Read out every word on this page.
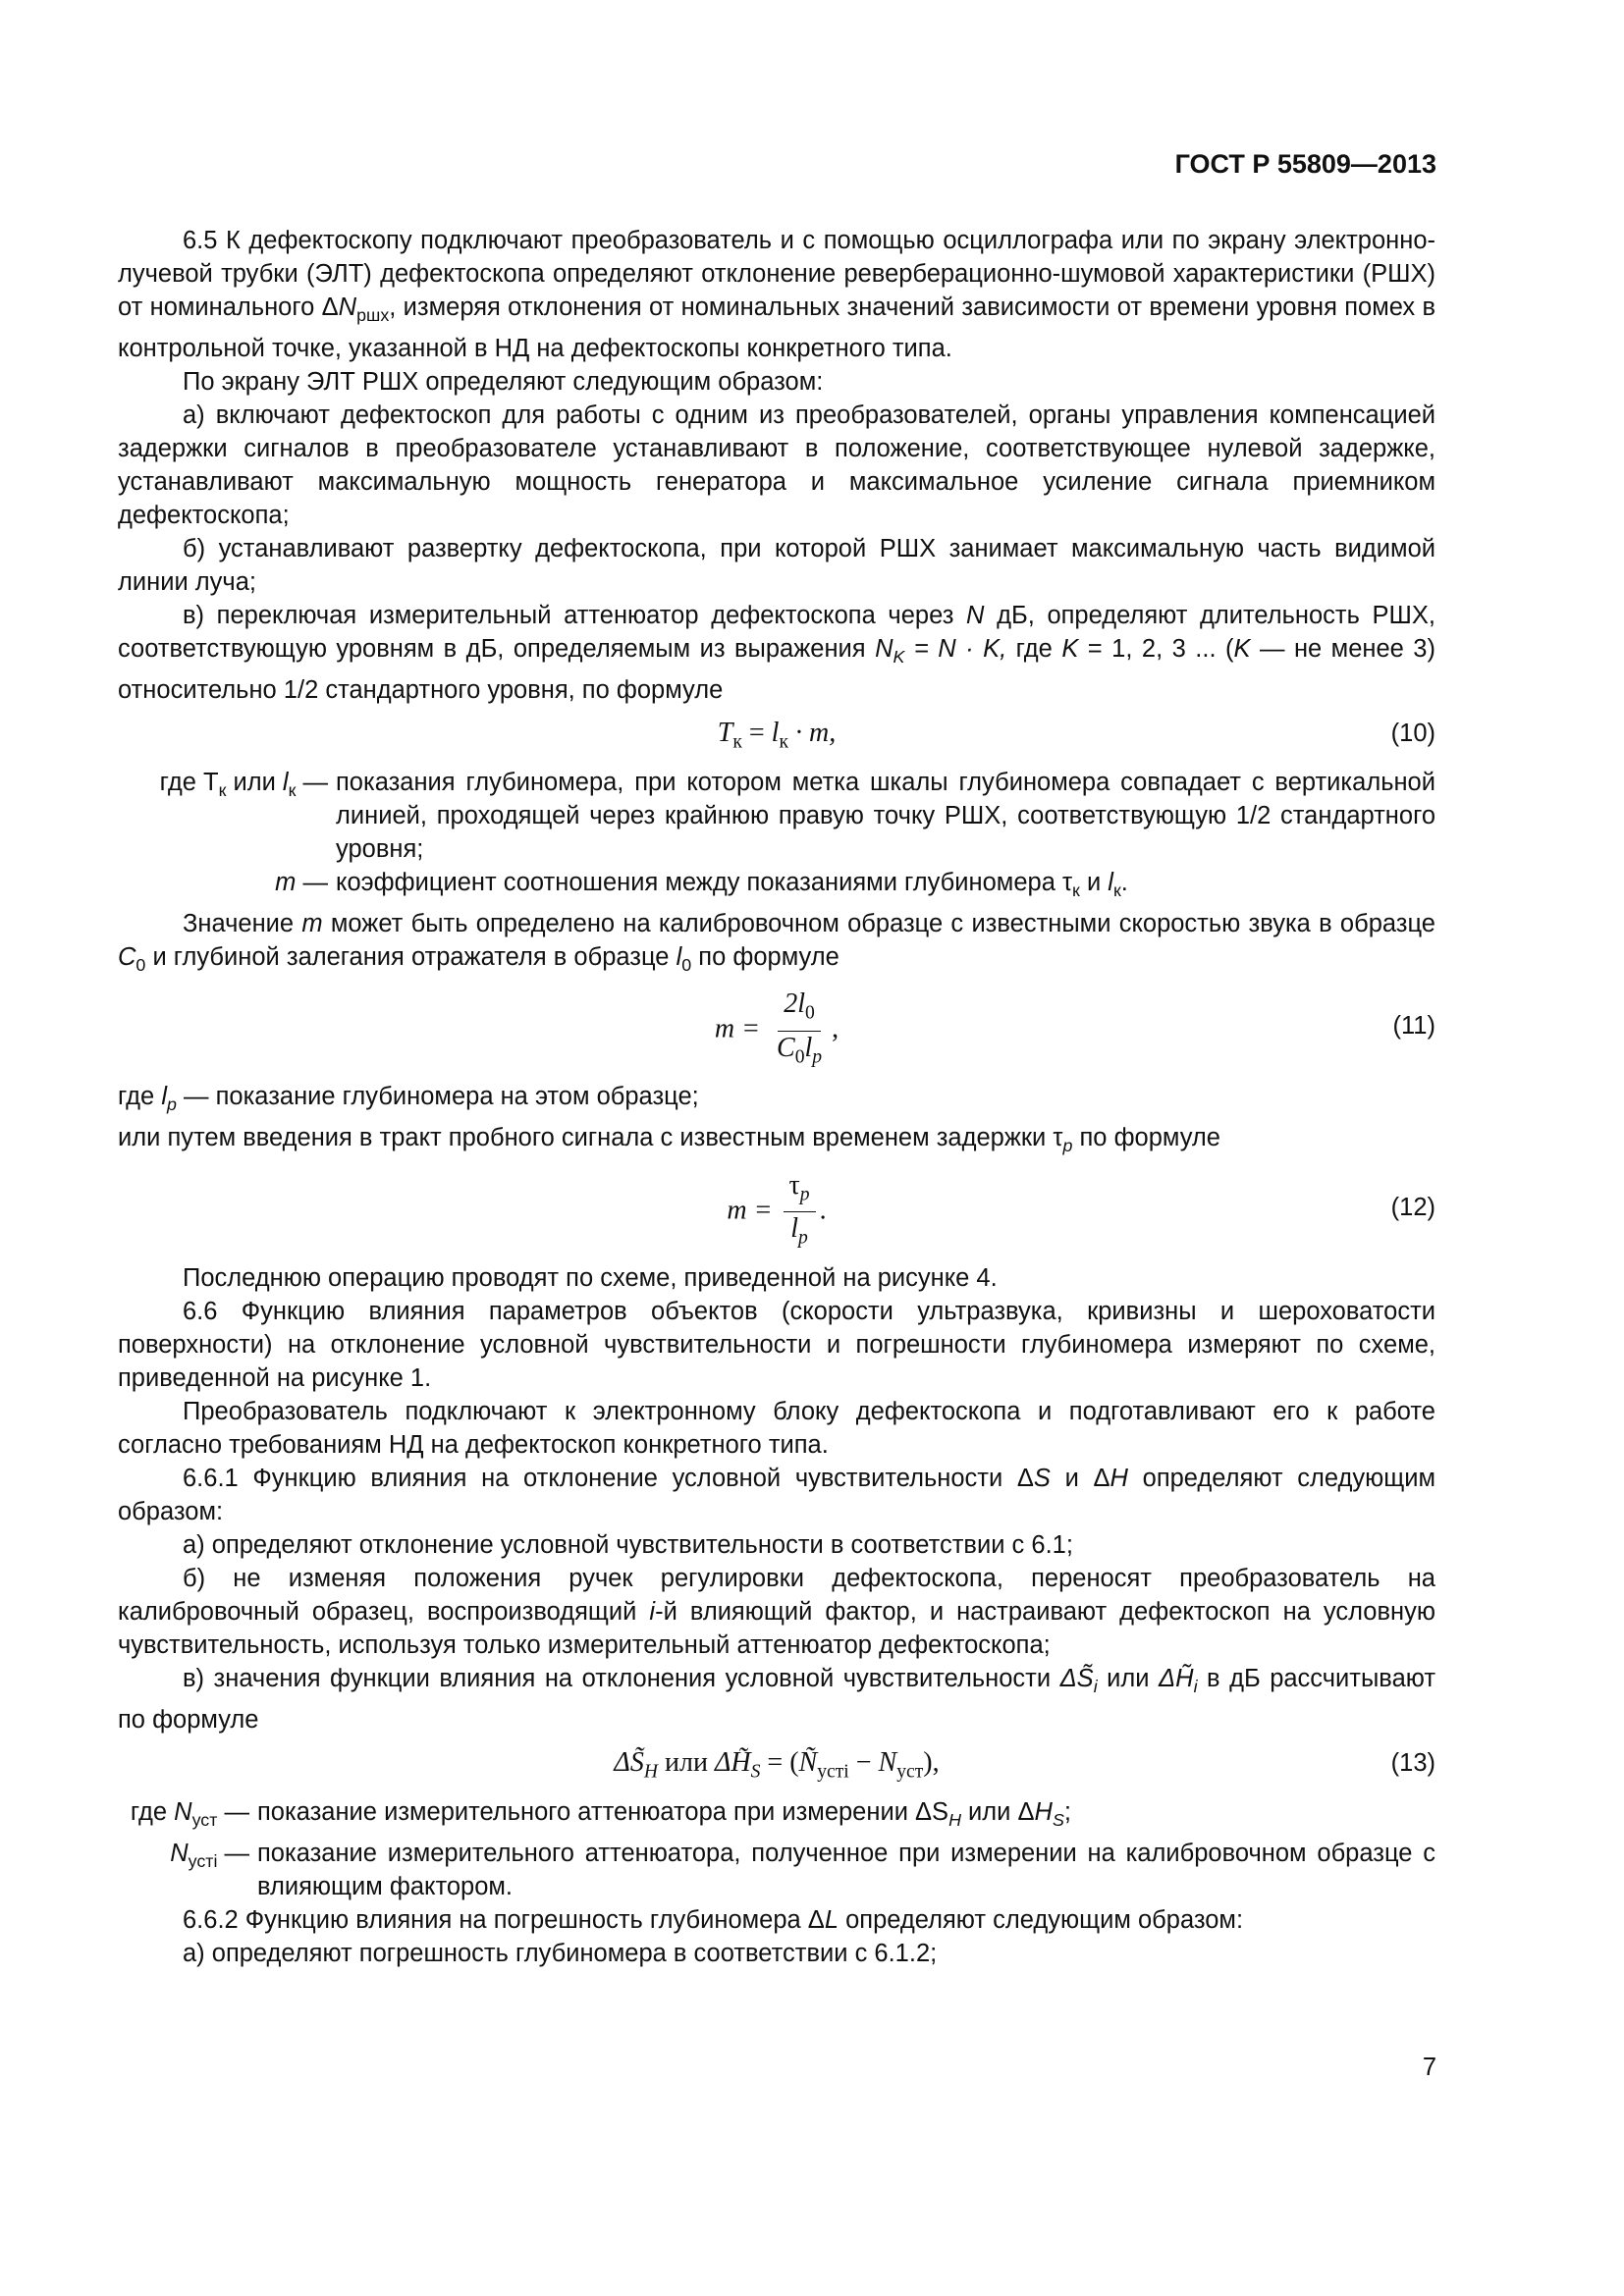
ГОСТ Р 55809—2013

6.5 К дефектоскопу подключают преобразователь и с помощью осциллографа или по экрану электронно-лучевой трубки (ЭЛТ) дефектоскопа определяют отклонение реверберационно-шумовой характеристики (РШХ) от номинального $\Delta N_{ршх}$, измеряя отклонения от номинальных значений зависимости от времени уровня помех в контрольной точке, указанной в НД на дефектоскопы конкретного типа.

По экрану ЭЛТ РШХ определяют следующим образом:

а) включают дефектоскоп для работы с одним из преобразователей, органы управления компенсацией задержки сигналов в преобразователе устанавливают в положение, соответствующее нулевой задержке, устанавливают максимальную мощность генератора и максимальное усиление сигнала приемником дефектоскопа;

б) устанавливают развертку дефектоскопа, при которой РШХ занимает максимальную часть видимой линии луча;

в) переключая измерительный аттенюатор дефектоскопа через N дБ, определяют длительность РШХ, соответствующую уровням в дБ, определяемым из выражения $N_K = N \cdot K$, где K = 1, 2, 3 ... (K — не менее 3) относительно 1/2 стандартного уровня, по формуле

$T_к = l_к \cdot m$,	(10)
где $T_к$ или $l_к$ — показания глубиномера, при котором метка шкалы глубиномера совпадает с вертикальной линией, проходящей через крайнюю правую точку РШХ, соответствующую 1/2 стандартного уровня;
m — коэффициент соотношения между показаниями глубиномера $\tau_к$ и $l_к$.

Значение m может быть определено на калибровочном образце с известными скоростью звука в образце $C_0$ и глубиной залегания отражателя в образце $l_0$ по формуле

$m = \frac{2l_0}{C_0l_p}$ ,	(11)

где $l_p$ — показание глубиномера на этом образце;

или путем введения в тракт пробного сигнала с известным временем задержки $\tau_p$ по формуле

$m = \frac{\tau_p}{l_p}$ .	(12)

Последнюю операцию проводят по схеме, приведенной на рисунке 4.

6.6 Функцию влияния параметров объектов (скорости ультразвука, кривизны и шероховатости поверхности) на отклонение условной чувствительности и погрешности глубиномера измеряют по схеме, приведенной на рисунке 1.

Преобразователь подключают к электронному блоку дефектоскопа и подготавливают его к работе согласно требованиям НД на дефектоскоп конкретного типа.

6.6.1 Функцию влияния на отклонение условной чувствительности ΔS и ΔH определяют следующим образом:

а) определяют отклонение условной чувствительности в соответствии с 6.1;

б) не изменяя положения ручек регулировки дефектоскопа, переносят преобразователь на калибровочный образец, воспроизводящий i-й влияющий фактор, и настраивают дефектоскоп на условную чувствительность, используя только измерительный аттенюатор дефектоскопа;

в) значения функции влияния на отклонения условной чувствительности $\Delta S̃_i$ или $\Delta H̃_i$ в дБ рассчитывают по формуле

$\Delta S̃_H$ или $\Delta H̃_S$ = $(Ñ_{устi} - N_{уст})$,	(13)
где $N_{уст}$ — показание измерительного аттенюатора при измерении $\Delta S_H$ или $\Delta H_S$;
$N_{устi}$ — показание измерительного аттенюатора, полученное при измерении на калибровочном образце с влияющим фактором.

6.6.2 Функцию влияния на погрешность глубиномера ΔL определяют следующим образом:

а) определяют погрешность глубиномера в соответствии с 6.1.2;

7
